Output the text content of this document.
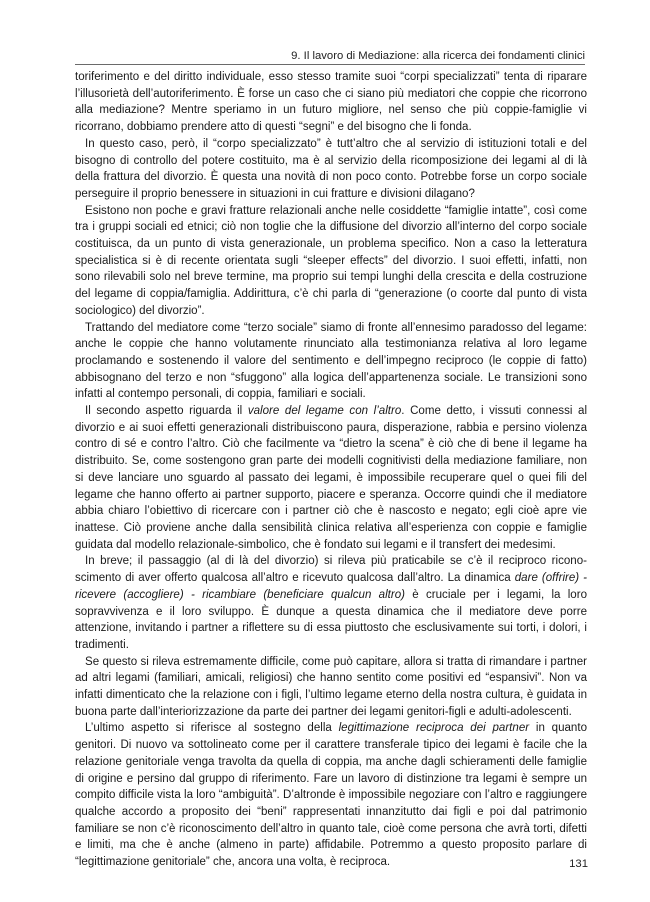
9. Il lavoro di Mediazione: alla ricerca dei fondamenti clinici

toriferimento e del diritto individuale, esso stesso tramite suoi “corpi specializzati” tenta di riparare l’illusorietà dell’autoriferimento. È forse un caso che ci siano più mediatori che coppie che ricorrono alla mediazione? Mentre speriamo in un futuro migliore, nel senso che più coppie-famiglie vi ricorrano, dobbiamo prendere atto di questi “segni” e del bisogno che li fonda.

In questo caso, però, il “corpo specializzato” è tutt’altro che al servizio di istituzioni totali e del bisogno di controllo del potere costituito, ma è al servizio della ricomposizione dei legami al di là della frattura del divorzio. È questa una novità di non poco conto. Potrebbe forse un corpo sociale perseguire il proprio benessere in situazioni in cui fratture e divisioni dilagano?

Esistono non poche e gravi fratture relazionali anche nelle cosiddette “famiglie intatte”, così come tra i gruppi sociali ed etnici; ciò non toglie che la diffusione del divorzio all’interno del corpo sociale costituisca, da un punto di vista generazionale, un problema specifico. Non a caso la letteratura specialistica si è di recente orientata sugli “sleeper effects” del divorzio. I suoi effetti, infatti, non sono rilevabili solo nel breve termine, ma proprio sui tempi lunghi della crescita e della costruzione del legame di coppia/famiglia. Addirittura, c’è chi parla di “generazione (o coorte dal punto di vista sociologico) del divorzio”.

Trattando del mediatore come “terzo sociale” siamo di fronte all’ennesimo paradosso del legame: anche le coppie che hanno volutamente rinunciato alla testimonianza relativa al loro legame proclamando e sostenendo il valore del sentimento e dell’impegno reciproco (le coppie di fatto) abbisognano del terzo e non “sfuggono” alla logica dell’appartenenza sociale. Le transizioni sono infatti al contempo personali, di coppia, familiari e sociali.

Il secondo aspetto riguarda il valore del legame con l’altro. Come detto, i vissuti connessi al divorzio e ai suoi effetti generazionali distribuiscono paura, disperazione, rabbia e persino violenza contro di sé e contro l’altro. Ciò che facilmente va “dietro la scena” è ciò che di bene il legame ha distribuito. Se, come sostengono gran parte dei modelli cognitivisti della mediazione familiare, non si deve lanciare uno sguardo al passato dei legami, è impossibile recuperare quel o quei fili del legame che hanno offerto ai partner supporto, piacere e speranza. Occorre quindi che il mediatore abbia chiaro l’obiettivo di ricercare con i partner ciò che è nascosto e negato; egli cioè apre vie inattese. Ciò proviene anche dalla sensibilità clinica relativa all’esperienza con coppie e famiglie guidata dal modello relazionale-simbolico, che è fondato sui legami e il transfert dei medesimi.

In breve; il passaggio (al di là del divorzio) si rileva più praticabile se c’è il reciproco riconoscimento di aver offerto qualcosa all’altro e ricevuto qualcosa dall’altro. La dinamica dare (offrire) - ricevere (accogliere) - ricambiare (beneficiare qualcun altro) è cruciale per i legami, la loro sopravvivenza e il loro sviluppo. È dunque a questa dinamica che il mediatore deve porre attenzione, invitando i partner a riflettere su di essa piuttosto che esclusivamente sui torti, i dolori, i tradimenti.

Se questo si rileva estremamente difficile, come può capitare, allora si tratta di rimandare i partner ad altri legami (familiari, amicali, religiosi) che hanno sentito come positivi ed “espansivi”. Non va infatti dimenticato che la relazione con i figli, l’ultimo legame eterno della nostra cultura, è guidata in buona parte dall’interiorizzazione da parte dei partner dei legami genitori-figli e adulti-adolescenti.

L’ultimo aspetto si riferisce al sostegno della legittimazione reciproca dei partner in quanto genitori. Di nuovo va sottolineato come per il carattere transferale tipico dei legami è facile che la relazione genitoriale venga travolta da quella di coppia, ma anche dagli schieramenti delle famiglie di origine e persino dal gruppo di riferimento. Fare un lavoro di distinzione tra legami è sempre un compito difficile vista la loro “ambiguità”. D’altronde è impossibile negoziare con l’altro e raggiungere qualche accordo a proposito dei “beni” rappresentati innanzitutto dai figli e poi dal patrimonio familiare se non c’è riconoscimento dell’altro in quanto tale, cioè come persona che avrà torti, difetti e limiti, ma che è anche (almeno in parte) affidabile. Potremmo a questo proposito parlare di “legittimazione genitoriale” che, ancora una volta, è reciproca.	131
